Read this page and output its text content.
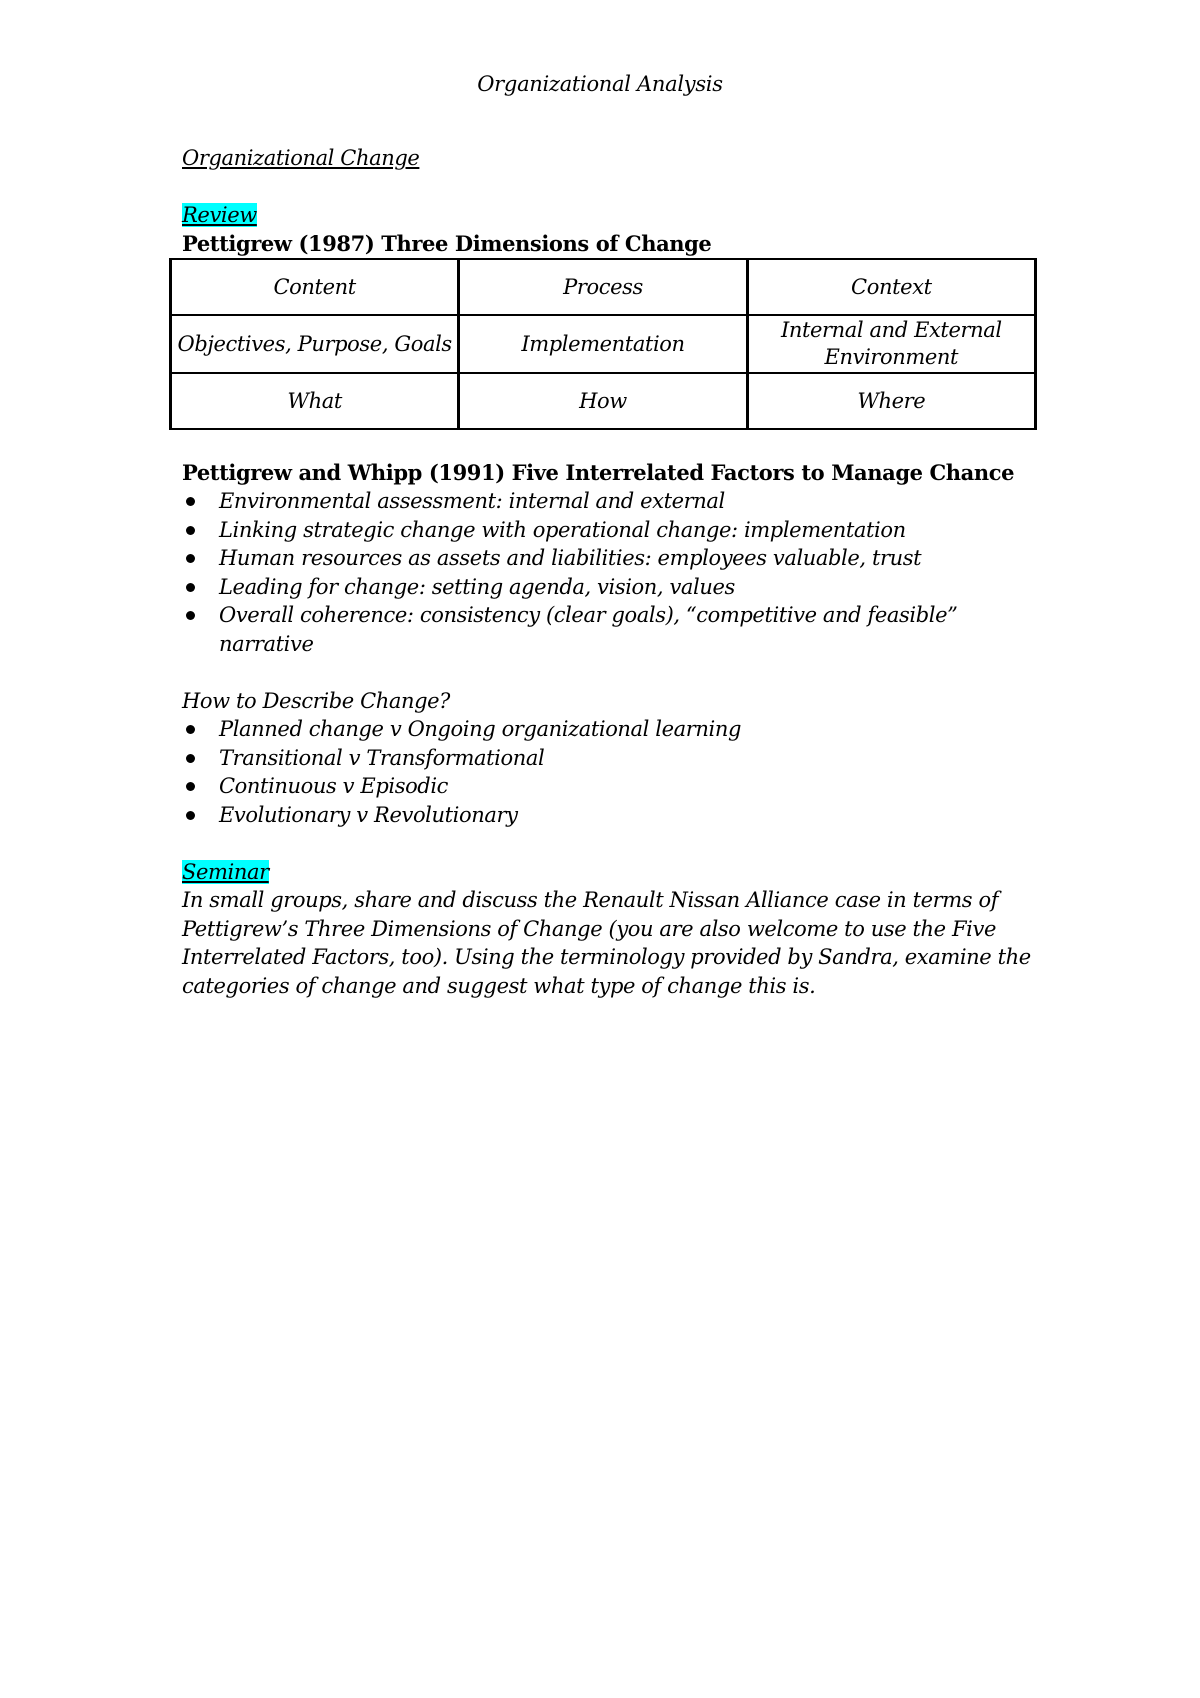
Organizational Analysis
Organizational Change
Review
Pettigrew (1987) Three Dimensions of Change
Content	Process	Context
Objectives, Purpose, Goals	Implementation	Internal and External Environment
What	How	Where
Pettigrew and Whipp (1991) Five Interrelated Factors to Manage Chance
Environmental assessment: internal and external
Linking strategic change with operational change: implementation
Human resources as assets and liabilities: employees valuable, trust
Leading for change: setting agenda, vision, values
Overall coherence: consistency (clear goals), “competitive and feasible” narrative
How to Describe Change?
Planned change v Ongoing organizational learning
Transitional v Transformational
Continuous v Episodic
Evolutionary v Revolutionary
Seminar
In small groups, share and discuss the Renault Nissan Alliance case in terms of Pettigrew’s Three Dimensions of Change (you are also welcome to use the Five Interrelated Factors, too). Using the terminology provided by Sandra, examine the categories of change and suggest what type of change this is.
